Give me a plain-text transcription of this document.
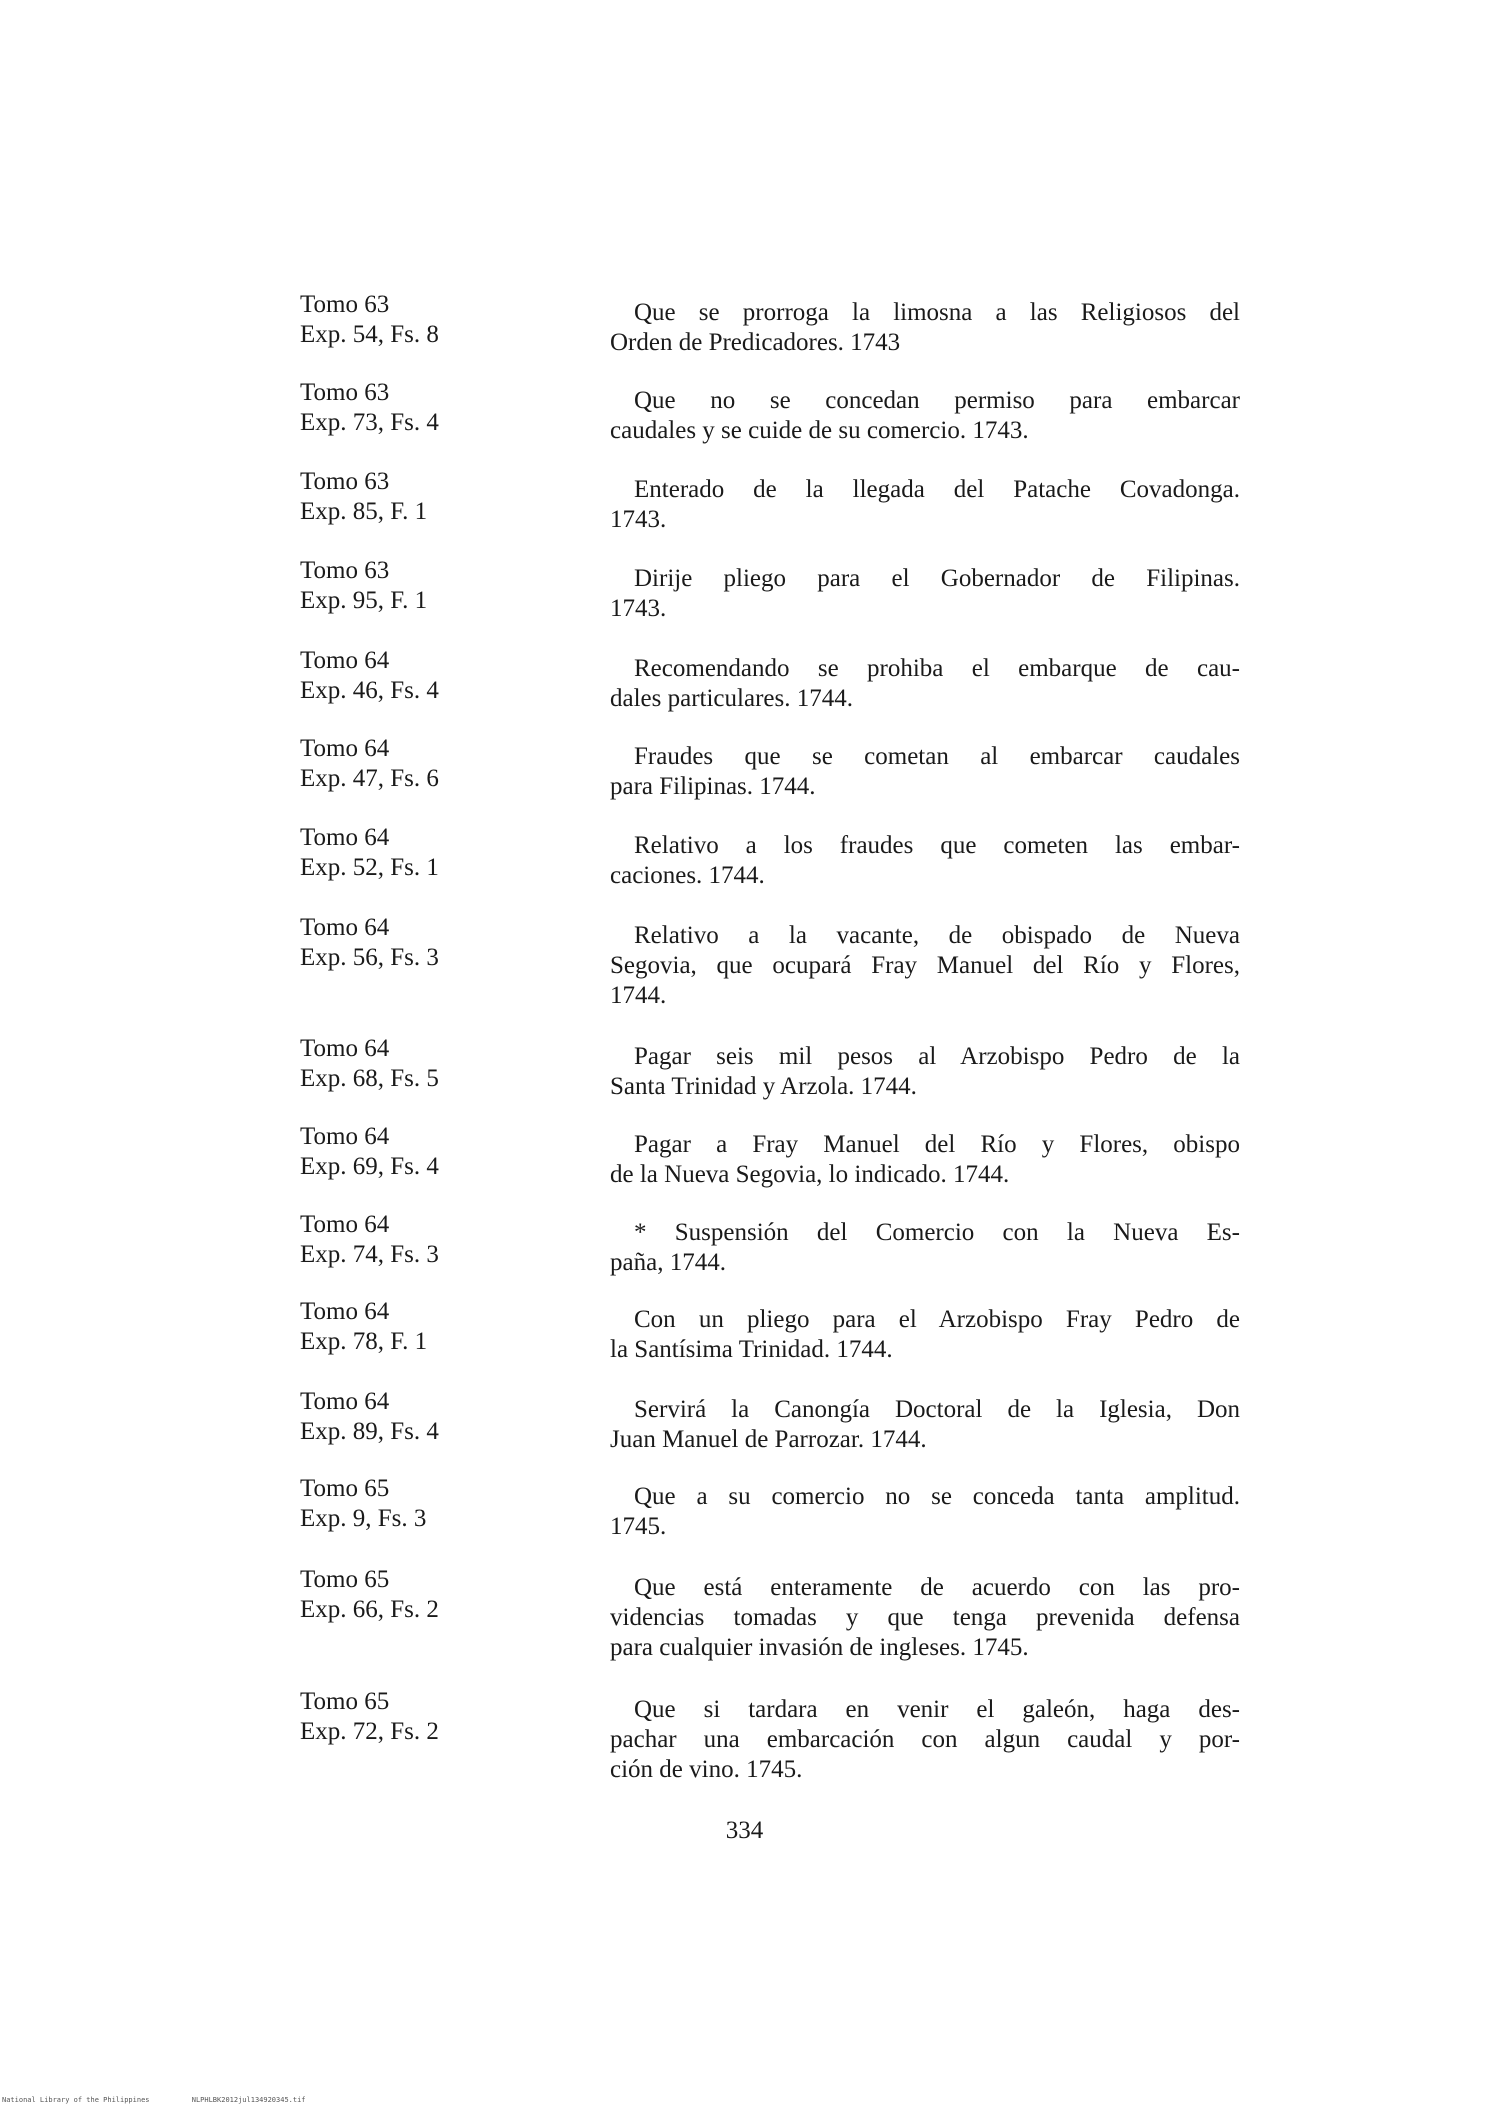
Tomo 63
Exp. 54, Fs. 8
Que se prorroga la limosna a las Religiosos del
Orden de Predicadores. 1743
Tomo 63
Exp. 73, Fs. 4
Que no se concedan permiso para embarcar
caudales y se cuide de su comercio. 1743.
Tomo 63
Exp. 85, F. 1
Enterado de la llegada del Patache Covadonga.
1743.
Tomo 63
Exp. 95, F. 1
Dirije pliego para el Gobernador de Filipinas.
1743.
Tomo 64
Exp. 46, Fs. 4
Recomendando se prohiba el embarque de cau-
dales particulares. 1744.
Tomo 64
Exp. 47, Fs. 6
Fraudes que se cometan al embarcar caudales
para Filipinas. 1744.
Tomo 64
Exp. 52, Fs. 1
Relativo a los fraudes que cometen las embar-
caciones. 1744.
Tomo 64
Exp. 56, Fs. 3
Relativo a la vacante, de obispado de Nueva
Segovia, que ocupará Fray Manuel del Río y Flores,
1744.
Tomo 64
Exp. 68, Fs. 5
Pagar seis mil pesos al Arzobispo Pedro de la
Santa Trinidad y Arzola. 1744.
Tomo 64
Exp. 69, Fs. 4
Pagar a Fray Manuel del Río y Flores, obispo
de la Nueva Segovia, lo indicado. 1744.
Tomo 64
Exp. 74, Fs. 3
* Suspensión del Comercio con la Nueva Es-
paña, 1744.
Tomo 64
Exp. 78, F. 1
Con un pliego para el Arzobispo Fray Pedro de
la Santísima Trinidad. 1744.
Tomo 64
Exp. 89, Fs. 4
Servirá la Canongía Doctoral de la Iglesia, Don
Juan Manuel de Parrozar. 1744.
Tomo 65
Exp. 9, Fs. 3
Que a su comercio no se conceda tanta amplitud.
1745.
Tomo 65
Exp. 66, Fs. 2
Que está enteramente de acuerdo con las pro-
videncias tomadas y que tenga prevenida defensa
para cualquier invasión de ingleses. 1745.
Tomo 65
Exp. 72, Fs. 2
Que si tardara en venir el galeón, haga des-
pachar una embarcación con algun caudal y por-
ción de vino. 1745.
334
National Library of the Philippines	NLPHLBK2012jul134920345.tif
